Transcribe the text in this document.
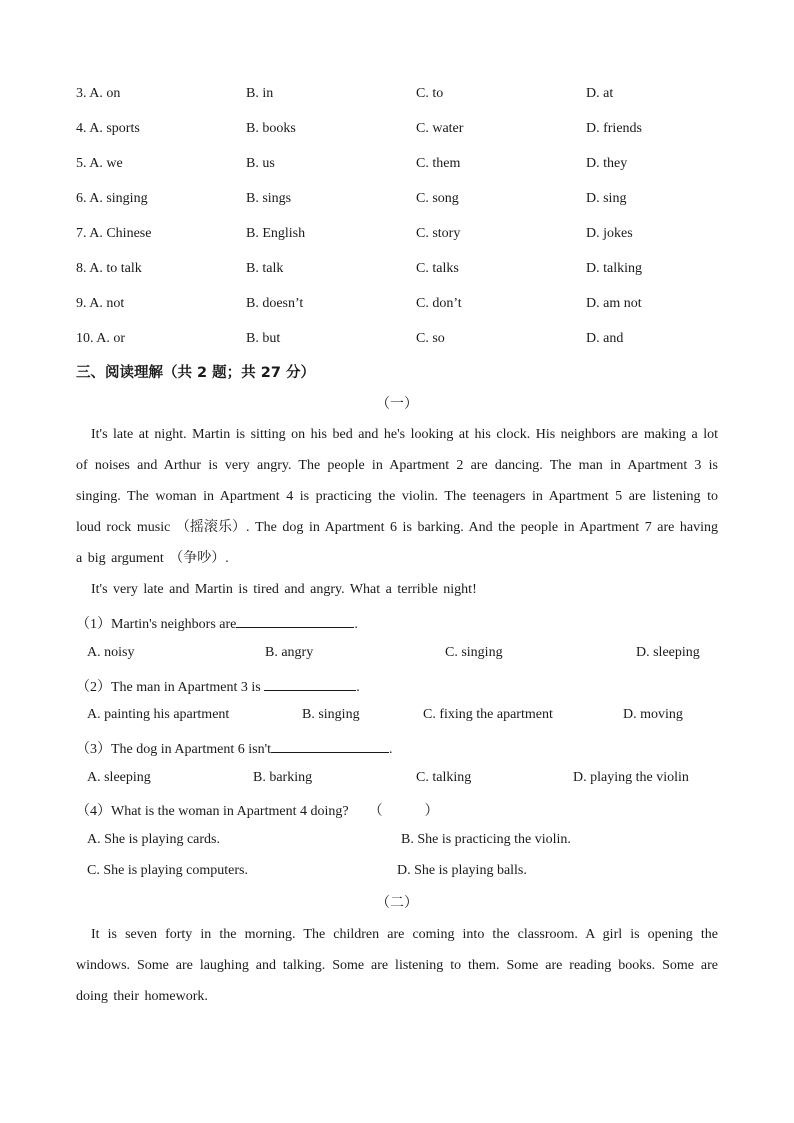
3. A. on	B. in	C. to	D. at
4. A. sports	B. books	C. water	D. friends
5. A. we	B. us	C. them	D. they
6. A. singing	B. sings	C. song	D. sing
7. A. Chinese	B. English	C. story	D. jokes
8. A. to talk	B. talk	C. talks	D. talking
9. A. not	B. doesn’t	C. don’t	D. am not
10. A. or	B. but	C. so	D. and
三、阅读理解（共 2 题；共 27 分）
（一）

It's late at night. Martin is sitting on his bed and he's looking at his clock. His neighbors are making a lot of noises and Arthur is very angry. The people in Apartment 2 are dancing. The man in Apartment 3 is singing. The woman in Apartment 4 is practicing the violin. The teenagers in Apartment 5 are listening to loud rock music （摇滚乐）. The dog in Apartment 6 is barking. And the people in Apartment 7 are having a big argument （争吵）.

It's very late and Martin is tired and angry. What a terrible night!

（1）Martin's neighbors are	.
A. noisy	B. angry	C. singing	D. sleeping
（2）The man in Apartment 3 is	.
A. painting his apartment	B. singing	C. fixing the apartment	D. moving
（3）The dog in Apartment 6 isn't	.
A. sleeping	B. barking	C. talking	D. playing the violin
（4）What is the woman in Apartment 4 doing? （　　　）
A. She is playing cards.	B. She is practicing the violin.
C. She is playing computers.	D. She is playing balls.
（二）

It is seven forty in the morning. The children are coming into the classroom. A girl is opening the windows. Some are laughing and talking. Some are listening to them. Some are reading books. Some are doing their homework.
